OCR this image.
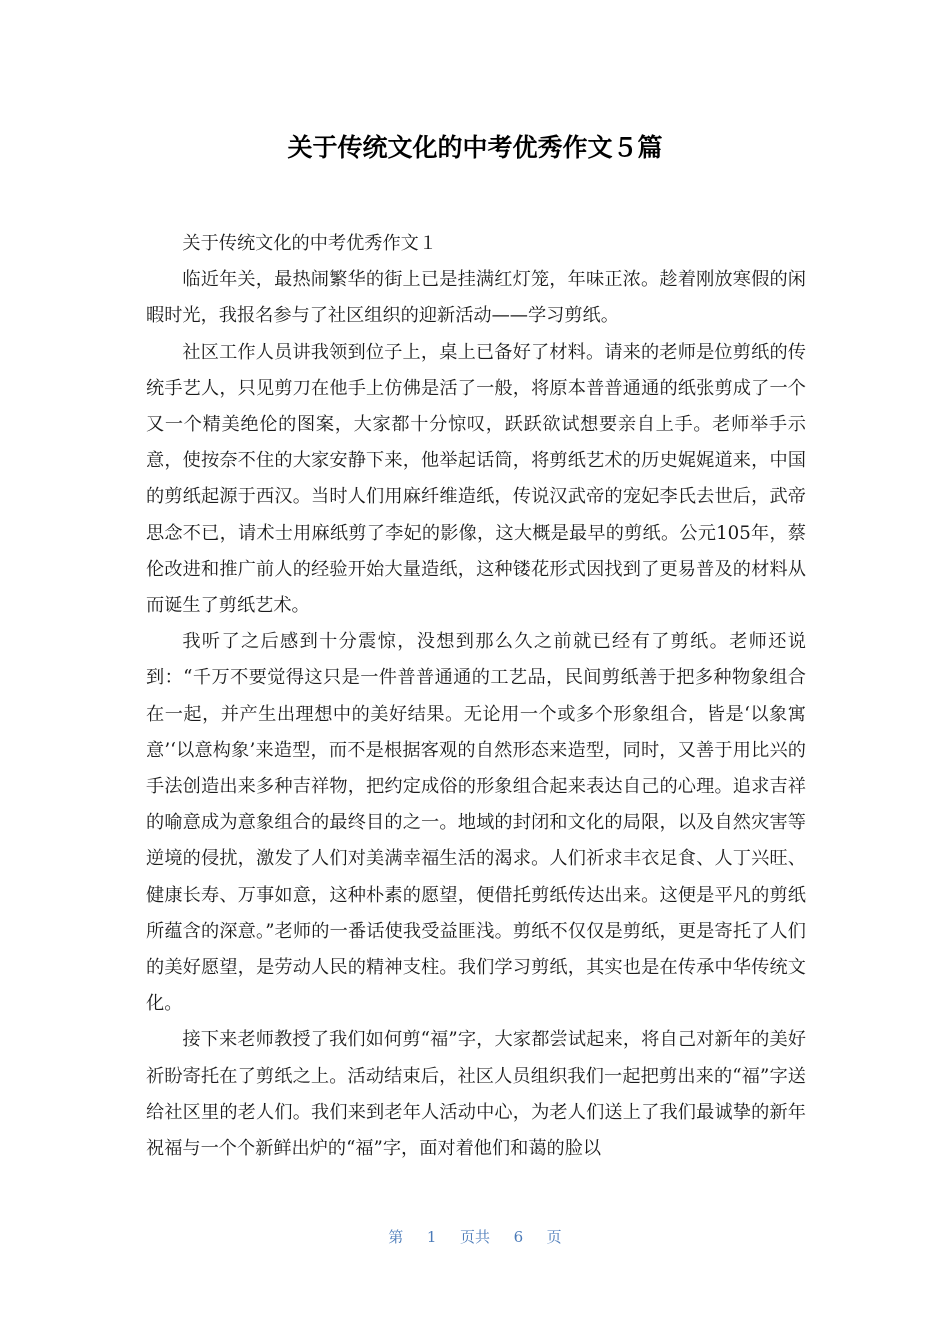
关于传统文化的中考优秀作文５篇

关于传统文化的中考优秀作文１

临近年关，最热闹繁华的街上已是挂满红灯笼，年味正浓。趁着刚放寒假的闲暇时光，我报名参与了社区组织的迎新活动——学习剪纸。

社区工作人员讲我领到位子上，桌上已备好了材料。请来的老师是位剪纸的传统手艺人，只见剪刀在他手上仿佛是活了一般，将原本普普通通的纸张剪成了一个又一个精美绝伦的图案，大家都十分惊叹，跃跃欲试想要亲自上手。老师举手示意，使按奈不住的大家安静下来，他举起话筒，将剪纸艺术的历史娓娓道来，中国的剪纸起源于西汉。当时人们用麻纤维造纸，传说汉武帝的宠妃李氏去世后，武帝思念不已，请术士用麻纸剪了李妃的影像，这大概是最早的剪纸。公元105年，蔡伦改进和推广前人的经验开始大量造纸，这种镂花形式因找到了更易普及的材料从而诞生了剪纸艺术。

我听了之后感到十分震惊，没想到那么久之前就已经有了剪纸。老师还说到：“千万不要觉得这只是一件普普通通的工艺品，民间剪纸善于把多种物象组合在一起，并产生出理想中的美好结果。无论用一个或多个形象组合，皆是‘以象寓意’‘以意构象’来造型，而不是根据客观的自然形态来造型，同时，又善于用比兴的手法创造出来多种吉祥物，把约定成俗的形象组合起来表达自己的心理。追求吉祥的喻意成为意象组合的最终目的之一。地域的封闭和文化的局限，以及自然灾害等逆境的侵扰，激发了人们对美满幸福生活的渴求。人们祈求丰衣足食、人丁兴旺、健康长寿、万事如意，这种朴素的愿望，便借托剪纸传达出来。这便是平凡的剪纸所蕴含的深意。”老师的一番话使我受益匪浅。剪纸不仅仅是剪纸，更是寄托了人们的美好愿望，是劳动人民的精神支柱。我们学习剪纸，其实也是在传承中华传统文化。

接下来老师教授了我们如何剪“福”字，大家都尝试起来，将自己对新年的美好祈盼寄托在了剪纸之上。活动结束后，社区人员组织我们一起把剪出来的“福”字送给社区里的老人们。我们来到老年人活动中心，为老人们送上了我们最诚挚的新年祝福与一个个新鲜出炉的“福”字，面对着他们和蔼的脸以

第 1 页共 6 页
